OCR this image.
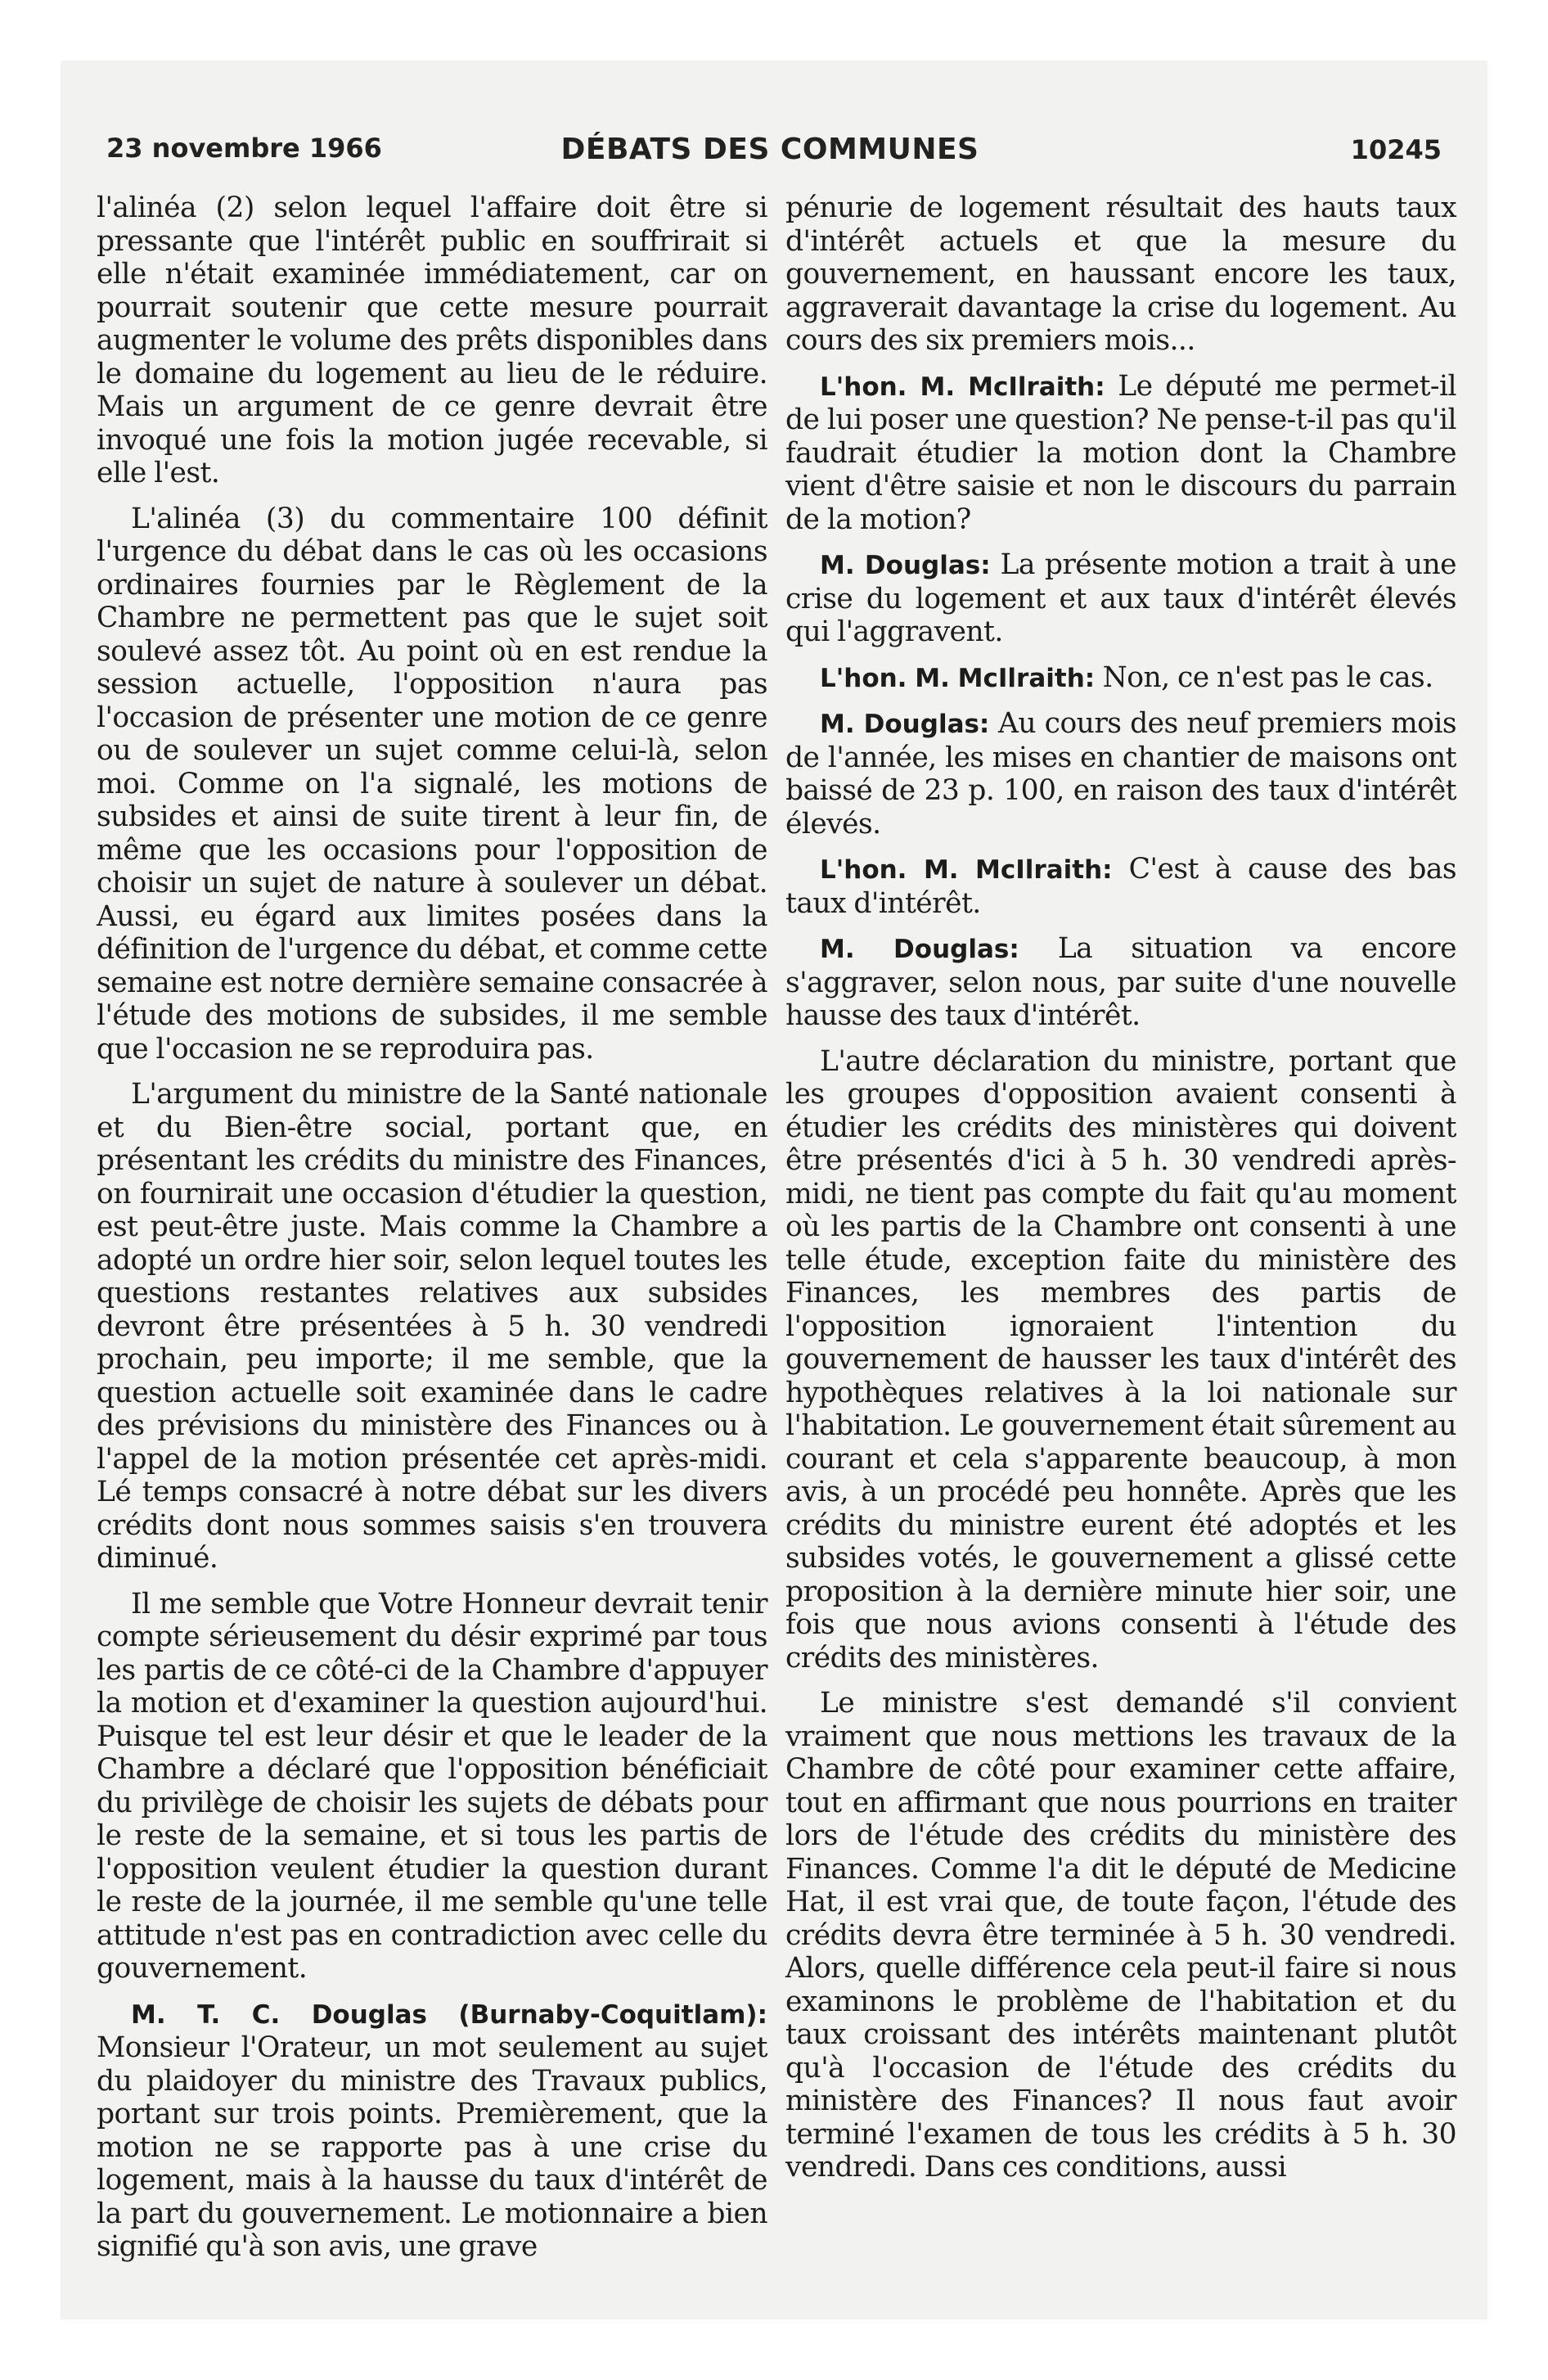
23 novembre 1966	DÉBATS DES COMMUNES	10245

l'alinéa (2) selon lequel l'affaire doit être si pressante que l'intérêt public en souffrirait si elle n'était examinée immédiatement, car on pourrait soutenir que cette mesure pourrait augmenter le volume des prêts disponibles dans le domaine du logement au lieu de le réduire. Mais un argument de ce genre devrait être invoqué une fois la motion jugée recevable, si elle l'est.

L'alinéa (3) du commentaire 100 définit l'urgence du débat dans le cas où les occasions ordinaires fournies par le Règlement de la Chambre ne permettent pas que le sujet soit soulevé assez tôt. Au point où en est rendue la session actuelle, l'opposition n'aura pas l'occasion de présenter une motion de ce genre ou de soulever un sujet comme celui-là, selon moi. Comme on l'a signalé, les motions de subsides et ainsi de suite tirent à leur fin, de même que les occasions pour l'opposition de choisir un sujet de nature à soulever un débat. Aussi, eu égard aux limites posées dans la définition de l'urgence du débat, et comme cette semaine est notre dernière semaine consacrée à l'étude des motions de subsides, il me semble que l'occasion ne se reproduira pas.

L'argument du ministre de la Santé nationale et du Bien-être social, portant que, en présentant les crédits du ministre des Finances, on fournirait une occasion d'étudier la question, est peut-être juste. Mais comme la Chambre a adopté un ordre hier soir, selon lequel toutes les questions restantes relatives aux subsides devront être présentées à 5 h. 30 vendredi prochain, peu importe; il me semble, que la question actuelle soit examinée dans le cadre des prévisions du ministère des Finances ou à l'appel de la motion présentée cet après-midi. Lé temps consacré à notre débat sur les divers crédits dont nous sommes saisis s'en trouvera diminué.

Il me semble que Votre Honneur devrait tenir compte sérieusement du désir exprimé par tous les partis de ce côté-ci de la Chambre d'appuyer la motion et d'examiner la question aujourd'hui. Puisque tel est leur désir et que le leader de la Chambre a déclaré que l'opposition bénéficiait du privilège de choisir les sujets de débats pour le reste de la semaine, et si tous les partis de l'opposition veulent étudier la question durant le reste de la journée, il me semble qu'une telle attitude n'est pas en contradiction avec celle du gouvernement.

M. T. C. Douglas (Burnaby-Coquitlam): Monsieur l'Orateur, un mot seulement au sujet du plaidoyer du ministre des Travaux publics, portant sur trois points. Premièrement, que la motion ne se rapporte pas à une crise du logement, mais à la hausse du taux d'intérêt de la part du gouvernement. Le motionnaire a bien signifié qu'à son avis, une grave

pénurie de logement résultait des hauts taux d'intérêt actuels et que la mesure du gouvernement, en haussant encore les taux, aggraverait davantage la crise du logement. Au cours des six premiers mois...

L'hon. M. McIlraith: Le député me permet-il de lui poser une question? Ne pense-t-il pas qu'il faudrait étudier la motion dont la Chambre vient d'être saisie et non le discours du parrain de la motion?

M. Douglas: La présente motion a trait à une crise du logement et aux taux d'intérêt élevés qui l'aggravent.

L'hon. M. McIlraith: Non, ce n'est pas le cas.

M. Douglas: Au cours des neuf premiers mois de l'année, les mises en chantier de maisons ont baissé de 23 p. 100, en raison des taux d'intérêt élevés.

L'hon. M. McIlraith: C'est à cause des bas taux d'intérêt.

M. Douglas: La situation va encore s'aggraver, selon nous, par suite d'une nouvelle hausse des taux d'intérêt.

L'autre déclaration du ministre, portant que les groupes d'opposition avaient consenti à étudier les crédits des ministères qui doivent être présentés d'ici à 5 h. 30 vendredi après-midi, ne tient pas compte du fait qu'au moment où les partis de la Chambre ont consenti à une telle étude, exception faite du ministère des Finances, les membres des partis de l'opposition ignoraient l'intention du gouvernement de hausser les taux d'intérêt des hypothèques relatives à la loi nationale sur l'habitation. Le gouvernement était sûrement au courant et cela s'apparente beaucoup, à mon avis, à un procédé peu honnête. Après que les crédits du ministre eurent été adoptés et les subsides votés, le gouvernement a glissé cette proposition à la dernière minute hier soir, une fois que nous avions consenti à l'étude des crédits des ministères.

Le ministre s'est demandé s'il convient vraiment que nous mettions les travaux de la Chambre de côté pour examiner cette affaire, tout en affirmant que nous pourrions en traiter lors de l'étude des crédits du ministère des Finances. Comme l'a dit le député de Medicine Hat, il est vrai que, de toute façon, l'étude des crédits devra être terminée à 5 h. 30 vendredi. Alors, quelle différence cela peut-il faire si nous examinons le problème de l'habitation et du taux croissant des intérêts maintenant plutôt qu'à l'occasion de l'étude des crédits du ministère des Finances? Il nous faut avoir terminé l'examen de tous les crédits à 5 h. 30 vendredi. Dans ces conditions, aussi
